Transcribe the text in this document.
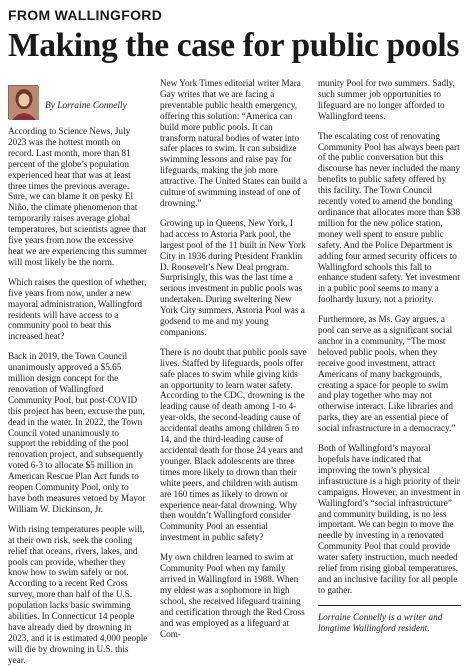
FROM WALLINGFORD
Making the case for public pools
By Lorraine Connelly

According to Science News, July 2023 was the hottest month on record. Last month, more than 81 percent of the globe’s population experienced heat that was at least three times the previous average. Sure, we can blame it on pesky El Niño, the climate phenomenon that temporarily raises average global temperatures, but scientists agree that five years from now the excessive heat we are experiencing this summer will most likely be the norm.

Which raises the question of whether, five years from now, under a new mayoral administration, Wallingford residents will have access to a community pool to beat this increased heat?

Back in 2019, the Town Council unanimously approved a $5.65 million design concept for the renovation of Wallingford Community Pool, but post-COVID this project has been, excuse the pun, dead in the water. In 2022, the Town Council voted unanimously to support the rebidding of the pool renovation project, and subsequently voted 6-3 to allocate $5 million in American Rescue Plan Act funds to reopen Community Pool, only to have both measures vetoed by Mayor William W. Dickinson, Jr.

With rising temperatures people will, at their own risk, seek the cooling relief that oceans, rivers, lakes, and pools can provide, whether they know how to swim safely or not. According to a recent Red Cross survey, more than half of the U.S. population lacks basic swimming abilities. In Connecticut 14 people have already died by drowning in 2023, and it is estimated 4,000 people will die by drowning in U.S. this year.

New York Times editorial writer Mara Gay writes that we are facing a preventable public health emergency, offering this solution: “America can build more public pools. It can transform natural bodies of water into safer places to swim. It can subsidize swimming lessons and raise pay for lifeguards, making the job more attractive. The United States can build a culture of swimming instead of one of drowning.”

Growing up in Queens, New York, I had access to Astoria Park pool, the largest pool of the 11 built in New York City in 1936 during President Franklin D. Roosevelt’s New Deal program. Surprisingly, this was the last time a serious investment in public pools was undertaken. During sweltering New York City summers, Astoria Pool was a godsend to me and my young companions.

There is no doubt that public pools save lives. Staffed by lifeguards, pools offer safe places to swim while giving kids an opportunity to learn water safety. According to the CDC, drowning is the leading cause of death among 1-to 4-year-olds, the second-leading cause of accidental deaths among children 5 to 14, and the third-leading cause of accidental death for those 24 years and younger. Black adolescents are three times more likely to drown than their white peers, and children with autism are 160 times as likely to drown or experience near-fatal drowning. Why then wouldn’t Wallingford consider Community Pool an essential investment in public safety?

My own children learned to swim at Community Pool when my family arrived in Wallingford in 1988. When my eldest was a sophomore in high school, she received lifeguard training and certification through the Red Cross and was employed as a lifeguard at Com-

munity Pool for two summers. Sadly, such summer job opportunities to lifeguard are no longer afforded to Wallingford teens.

The escalating cost of renovating Community Pool has always been part of the public conversation but this discourse has never included the many benefits to public safety offered by this facility. The Town Council recently voted to amend the bonding ordinance that allocates more than $38 million for the new police station, money well spent to ensure public safety. And the Police Department is adding four armed security officers to Wallingford schools this fall to enhance student safety. Yet investment in a public pool seems to many a foolhardy luxury, not a priority.

Furthermore, as Ms. Gay argues, a pool can serve as a significant social anchor in a community, “The most beloved public pools, when they receive good investment, attract Americans of many backgrounds, creating a space for people to swim and play together who may not otherwise interact. Like libraries and parks, they are an essential piece of social infrastructure in a democracy.”

Both of Wallingford’s mayoral hopefuls have indicated that improving the town’s physical infrastructure is a high priority of their campaigns. However, an investment in Wallingford’s “social infrastructure” and community building, is no less important. We can begin to move the needle by investing in a renovated Community Pool that could provide water safety instruction, much needed relief from rising global temperatures, and an inclusive facility for all people to gather.

Lorraine Connelly is a writer and longtime Wallingford resident.
